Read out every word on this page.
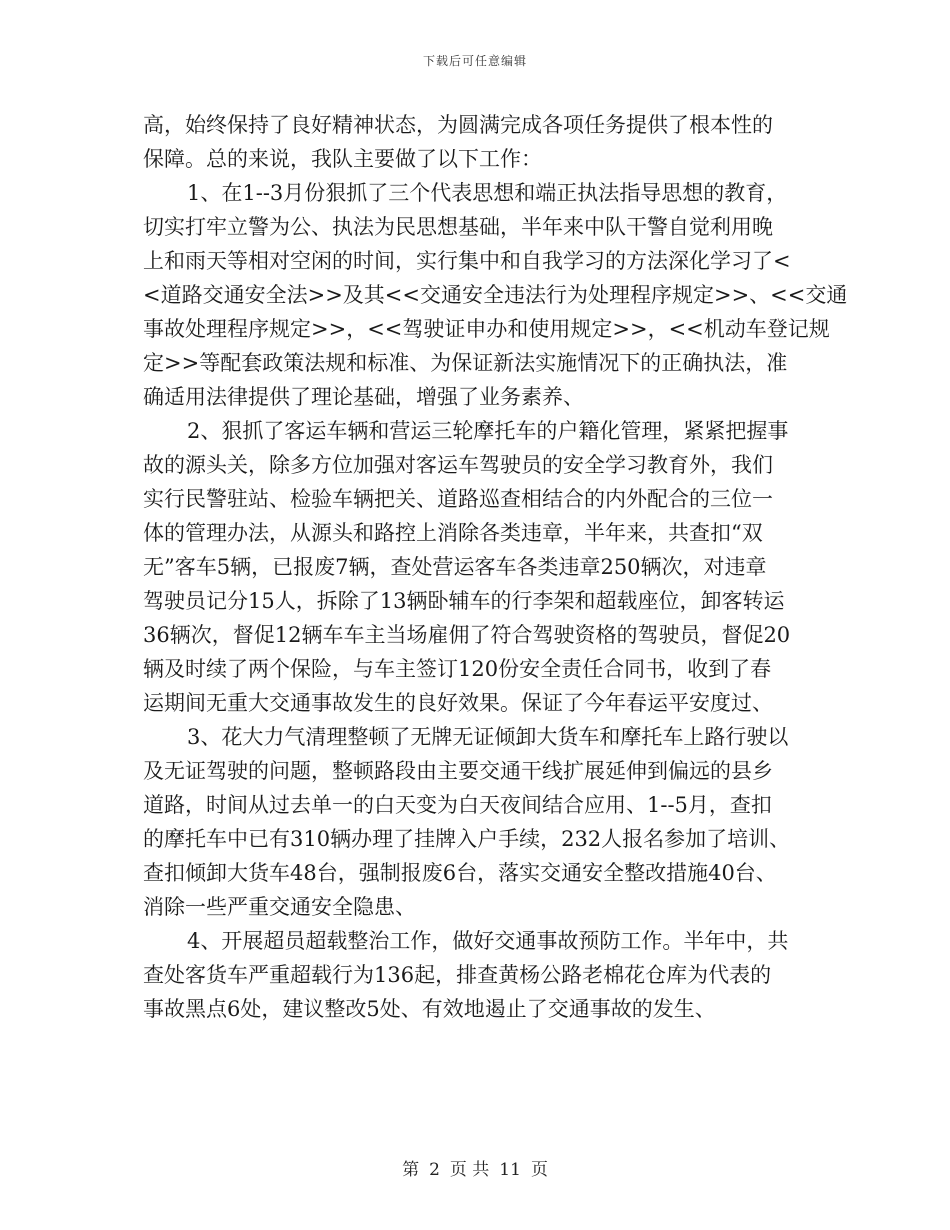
下载后可任意编辑
高，始终保持了良好精神状态，为圆满完成各项任务提供了根本性的
保障。总的来说，我队主要做了以下工作：
1、在1--3月份狠抓了三个代表思想和端正执法指导思想的教育，
切实打牢立警为公、执法为民思想基础，半年来中队干警自觉利用晚
上和雨天等相对空闲的时间，实行集中和自我学习的方法深化学习了<
<道路交通安全法>>及其<<交通安全违法行为处理程序规定>>、<<交通
事故处理程序规定>>，<<驾驶证申办和使用规定>>，<<机动车登记规
定>>等配套政策法规和标准、为保证新法实施情况下的正确执法，准
确适用法律提供了理论基础，增强了业务素养、
2、狠抓了客运车辆和营运三轮摩托车的户籍化管理，紧紧把握事
故的源头关，除多方位加强对客运车驾驶员的安全学习教育外，我们
实行民警驻站、检验车辆把关、道路巡查相结合的内外配合的三位一
体的管理办法，从源头和路控上消除各类违章，半年来，共查扣“双
无”客车5辆，已报废7辆，查处营运客车各类违章250辆次，对违章
驾驶员记分15人，拆除了13辆卧辅车的行李架和超载座位，卸客转运
36辆次，督促12辆车车主当场雇佣了符合驾驶资格的驾驶员，督促20
辆及时续了两个保险，与车主签订120份安全责任合同书，收到了春
运期间无重大交通事故发生的良好效果。保证了今年春运平安度过、
3、花大力气清理整顿了无牌无证倾卸大货车和摩托车上路行驶以
及无证驾驶的问题，整顿路段由主要交通干线扩展延伸到偏远的县乡
道路，时间从过去单一的白天变为白天夜间结合应用、1--5月，查扣
的摩托车中已有310辆办理了挂牌入户手续，232人报名参加了培训、
查扣倾卸大货车48台，强制报废6台，落实交通安全整改措施40台、
消除一些严重交通安全隐患、
4、开展超员超载整治工作，做好交通事故预防工作。半年中，共
查处客货车严重超载行为136起，排查黄杨公路老棉花仓库为代表的
事故黑点6处，建议整改5处、有效地遏止了交通事故的发生、
第 2 页 共 11 页
